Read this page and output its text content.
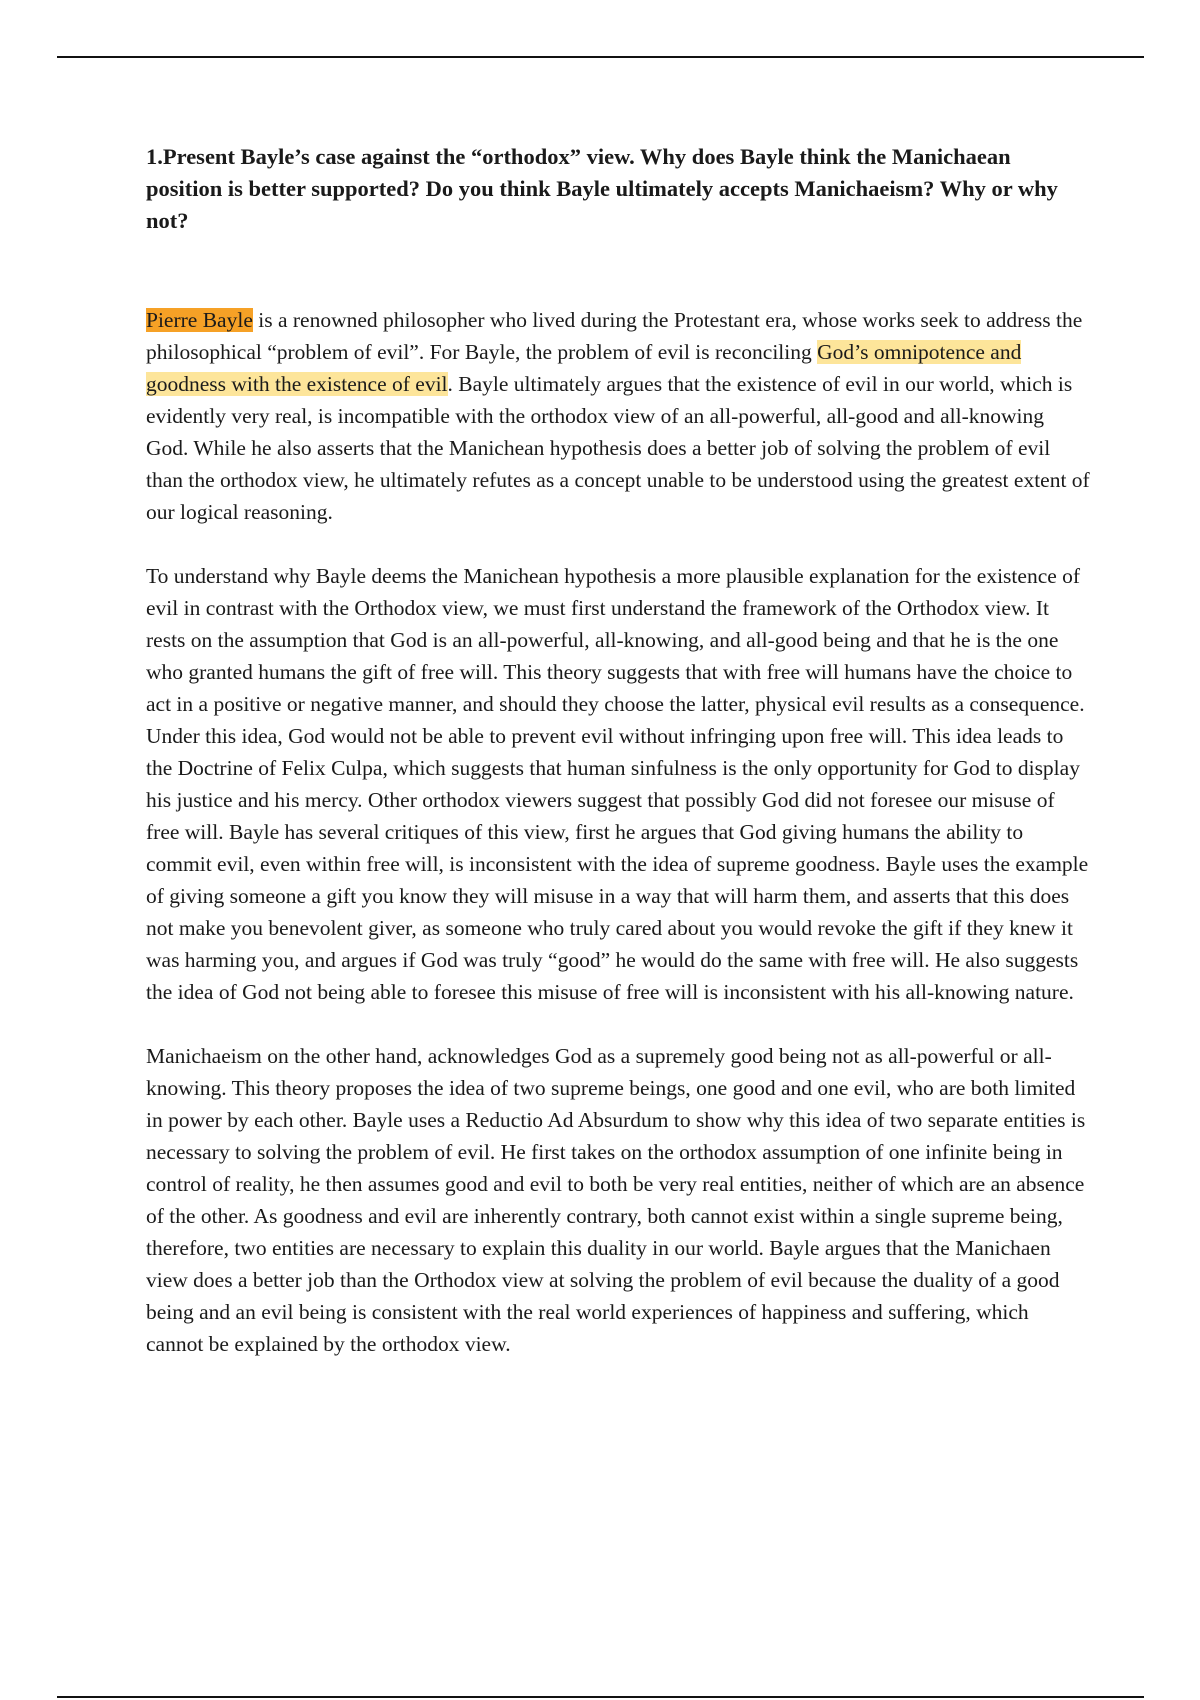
1.Present Bayle’s case against the “orthodox” view. Why does Bayle think the Manichaean position is better supported? Do you think Bayle ultimately accepts Manichaeism? Why or why not?

Pierre Bayle is a renowned philosopher who lived during the Protestant era, whose works seek to address the philosophical “problem of evil”. For Bayle, the problem of evil is reconciling God’s omnipotence and goodness with the existence of evil. Bayle ultimately argues that the existence of evil in our world, which is evidently very real, is incompatible with the orthodox view of an all-powerful, all-good and all-knowing God. While he also asserts that the Manichean hypothesis does a better job of solving the problem of evil than the orthodox view, he ultimately refutes as a concept unable to be understood using the greatest extent of our logical reasoning.

To understand why Bayle deems the Manichean hypothesis a more plausible explanation for the existence of evil in contrast with the Orthodox view, we must first understand the framework of the Orthodox view. It rests on the assumption that God is an all-powerful, all-knowing, and all-good being and that he is the one who granted humans the gift of free will. This theory suggests that with free will humans have the choice to act in a positive or negative manner, and should they choose the latter, physical evil results as a consequence. Under this idea, God would not be able to prevent evil without infringing upon free will. This idea leads to the Doctrine of Felix Culpa, which suggests that human sinfulness is the only opportunity for God to display his justice and his mercy. Other orthodox viewers suggest that possibly God did not foresee our misuse of free will. Bayle has several critiques of this view, first he argues that God giving humans the ability to commit evil, even within free will, is inconsistent with the idea of supreme goodness. Bayle uses the example of giving someone a gift you know they will misuse in a way that will harm them, and asserts that this does not make you benevolent giver, as someone who truly cared about you would revoke the gift if they knew it was harming you, and argues if God was truly “good” he would do the same with free will. He also suggests the idea of God not being able to foresee this misuse of free will is inconsistent with his all-knowing nature.

Manichaeism on the other hand, acknowledges God as a supremely good being not as all-powerful or all-knowing. This theory proposes the idea of two supreme beings, one good and one evil, who are both limited in power by each other. Bayle uses a Reductio Ad Absurdum to show why this idea of two separate entities is necessary to solving the problem of evil. He first takes on the orthodox assumption of one infinite being in control of reality, he then assumes good and evil to both be very real entities, neither of which are an absence of the other. As goodness and evil are inherently contrary, both cannot exist within a single supreme being, therefore, two entities are necessary to explain this duality in our world. Bayle argues that the Manichaen view does a better job than the Orthodox view at solving the problem of evil because the duality of a good being and an evil being is consistent with the real world experiences of happiness and suffering, which cannot be explained by the orthodox view.
